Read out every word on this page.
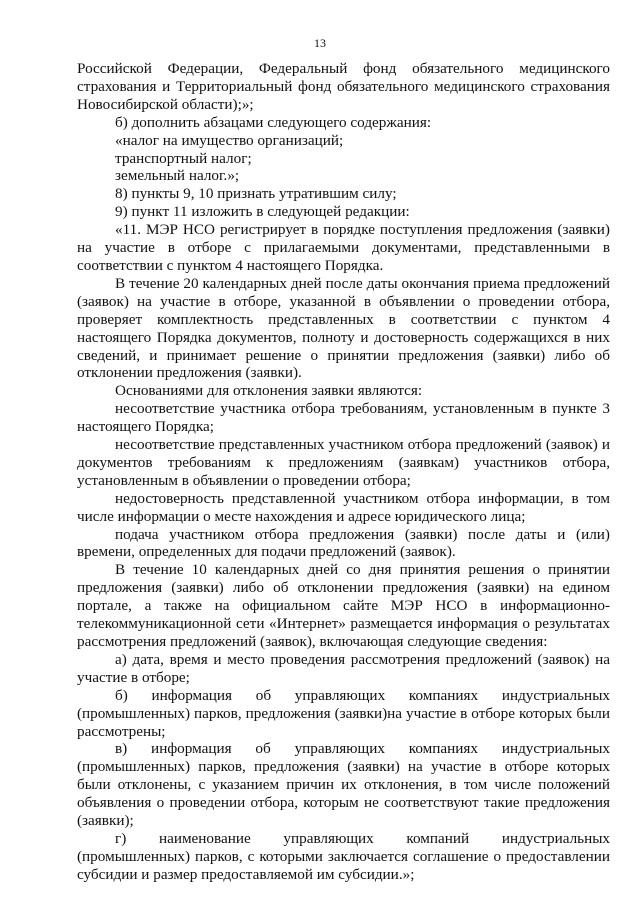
13

Российской Федерации, Федеральный фонд обязательного медицинского страхования и Территориальный фонд обязательного медицинского страхования Новосибирской области);»;

б) дополнить абзацами следующего содержания:

«налог на имущество организаций;

транспортный налог;

земельный налог.»;

8) пункты 9, 10 признать утратившим силу;

9) пункт 11 изложить в следующей редакции:

«11. МЭР НСО регистрирует в порядке поступления предложения (заявки) на участие в отборе с прилагаемыми документами, представленными в соответствии с пунктом 4 настоящего Порядка.

В течение 20 календарных дней после даты окончания приема предложений (заявок) на участие в отборе, указанной в объявлении о проведении отбора, проверяет комплектность представленных в соответствии с пунктом 4 настоящего Порядка документов, полноту и достоверность содержащихся в них сведений, и принимает решение о принятии предложения (заявки) либо об отклонении предложения (заявки).

Основаниями для отклонения заявки являются:

несоответствие участника отбора требованиям, установленным в пункте 3 настоящего Порядка;

несоответствие представленных участником отбора предложений (заявок) и документов требованиям к предложениям (заявкам) участников отбора, установленным в объявлении о проведении отбора;

недостоверность представленной участником отбора информации, в том числе информации о месте нахождения и адресе юридического лица;

подача участником отбора предложения (заявки) после даты и (или) времени, определенных для подачи предложений (заявок).

В течение 10 календарных дней со дня принятия решения о принятии предложения (заявки) либо об отклонении предложения (заявки) на едином портале, а также на официальном сайте МЭР НСО в информационно-телекоммуникационной сети «Интернет» размещается информация о результатах рассмотрения предложений (заявок), включающая следующие сведения:

а) дата, время и место проведения рассмотрения предложений (заявок) на участие в отборе;

б) информация об управляющих компаниях индустриальных (промышленных) парков, предложения (заявки)на участие в отборе которых были рассмотрены;

в) информация об управляющих компаниях индустриальных (промышленных) парков, предложения (заявки) на участие в отборе которых были отклонены, с указанием причин их отклонения, в том числе положений объявления о проведении отбора, которым не соответствуют такие предложения (заявки);

г) наименование управляющих компаний индустриальных (промышленных) парков, с которыми заключается соглашение о предоставлении субсидии и размер предоставляемой им субсидии.»;
